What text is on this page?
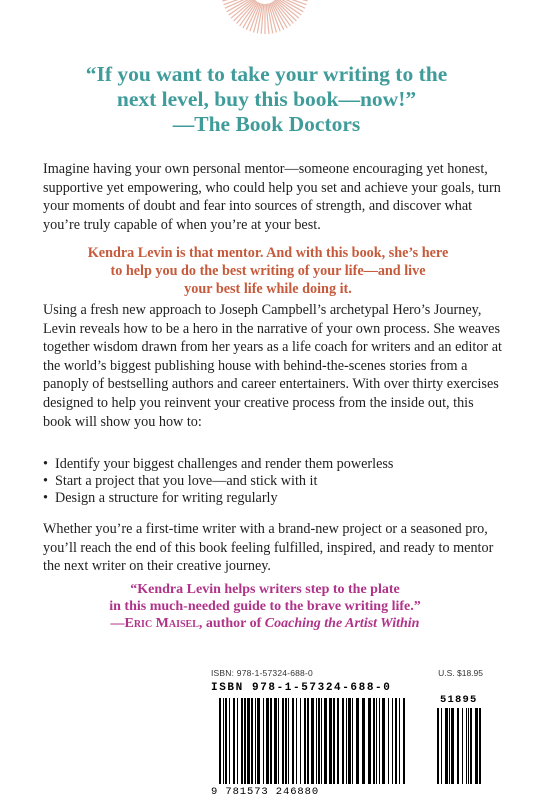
“If you want to take your writing to the
next level, buy this book—now!”
—The Book Doctors
Imagine having your own personal mentor—someone encouraging yet honest, supportive yet empowering, who could help you set and achieve your goals, turn your moments of doubt and fear into sources of strength, and discover what you’re truly capable of when you’re at your best.
Kendra Levin is that mentor. And with this book, she’s here
to help you do the best writing of your life—and live
your best life while doing it.
Using a fresh new approach to Joseph Campbell’s archetypal Hero’s Journey, Levin reveals how to be a hero in the narrative of your own process. She weaves together wisdom drawn from her years as a life coach for writers and an editor at the world’s biggest publishing house with behind-the-scenes stories from a panoply of bestselling authors and career entertainers. With over thirty exercises designed to help you reinvent your creative process from the inside out, this book will show you how to:
• Identify your biggest challenges and render them powerless
• Start a project that you love—and stick with it
• Design a structure for writing regularly
Whether you’re a first-time writer with a brand-new project or a seasoned pro, you’ll reach the end of this book feeling fulfilled, inspired, and ready to mentor the next writer on their creative journey.
“Kendra Levin helps writers step to the plate
in this much-needed guide to the brave writing life.”
—Eric Maisel, author of Coaching the Artist Within
ISBN: 978-1-57324-688-0	U.S. $18.95
ISBN 978-1-57324-688-0
51895
9 781573 246880
